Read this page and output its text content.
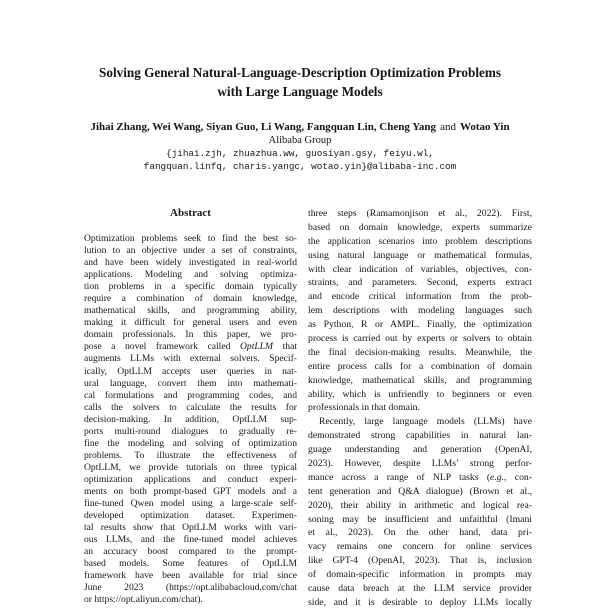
Solving General Natural-Language-Description Optimization Problems
with Large Language Models
Jihai Zhang, Wei Wang, Siyan Guo, Li Wang, Fangquan Lin, Cheng Yang and Wotao Yin
Alibaba Group
{jihai.zjh, zhuazhua.ww, guosiyan.gsy, feiyu.wl,
fangquan.linfq, charis.yangc, wotao.yin}@alibaba-inc.com
Abstract
Optimization problems seek to find the best so-
lution to an objective under a set of constraints,
and have been widely investigated in real-world
applications. Modeling and solving optimiza-
tion problems in a specific domain typically
require a combination of domain knowledge,
mathematical skills, and programming ability,
making it difficult for general users and even
domain professionals. In this paper, we pro-
pose a novel framework called OptLLM that
augments LLMs with external solvers. Specif-
ically, OptLLM accepts user queries in nat-
ural language, convert them into mathemati-
cal formulations and programming codes, and
calls the solvers to calculate the results for
decision-making. In addition, OptLLM sup-
ports multi-round dialogues to gradually re-
fine the modeling and solving of optimization
problems. To illustrate the effectiveness of
OptLLM, we provide tutorials on three typical
optimization applications and conduct experi-
ments on both prompt-based GPT models and a
fine-tuned Qwen model using a large-scale self-
developed optimization dataset. Experimen-
tal results show that OptLLM works with vari-
ous LLMs, and the fine-tuned model achieves
an accuracy boost compared to the prompt-
based models. Some features of OptLLM
framework have been available for trial since
June 2023 (https://opt.alibabacloud.com/chat
or https://opt.aliyun.com/chat).
three steps (Ramamonjison et al., 2022). First,
based on domain knowledge, experts summarize
the application scenarios into problem descriptions
using natural language or mathematical formulas,
with clear indication of variables, objectives, con-
straints, and parameters. Second, experts extract
and encode critical information from the prob-
lem descriptions with modeling languages such
as Python, R or AMPL. Finally, the optimization
process is carried out by experts or solvers to obtain
the final decision-making results. Meanwhile, the
entire process calls for a combination of domain
knowledge, mathematical skills, and programming
ability, which is unfriendly to beginners or even
professionals in that domain.
Recently, large language models (LLMs) have
demonstrated strong capabilities in natural lan-
guage understanding and generation (OpenAI,
2023). However, despite LLMs’ strong perfor-
mance across a range of NLP tasks (e.g., con-
tent generation and Q&A dialogue) (Brown et al.,
2020), their ability in arithmetic and logical rea-
soning may be insufficient and unfaithful (Imani
et al., 2023). On the other hand, data pri-
vacy remains one concern for online services
like GPT-4 (OpenAI, 2023). That is, inclusion
of domain-specific information in prompts may
cause data breach at the LLM service provider
side, and it is desirable to deploy LLMs locally
